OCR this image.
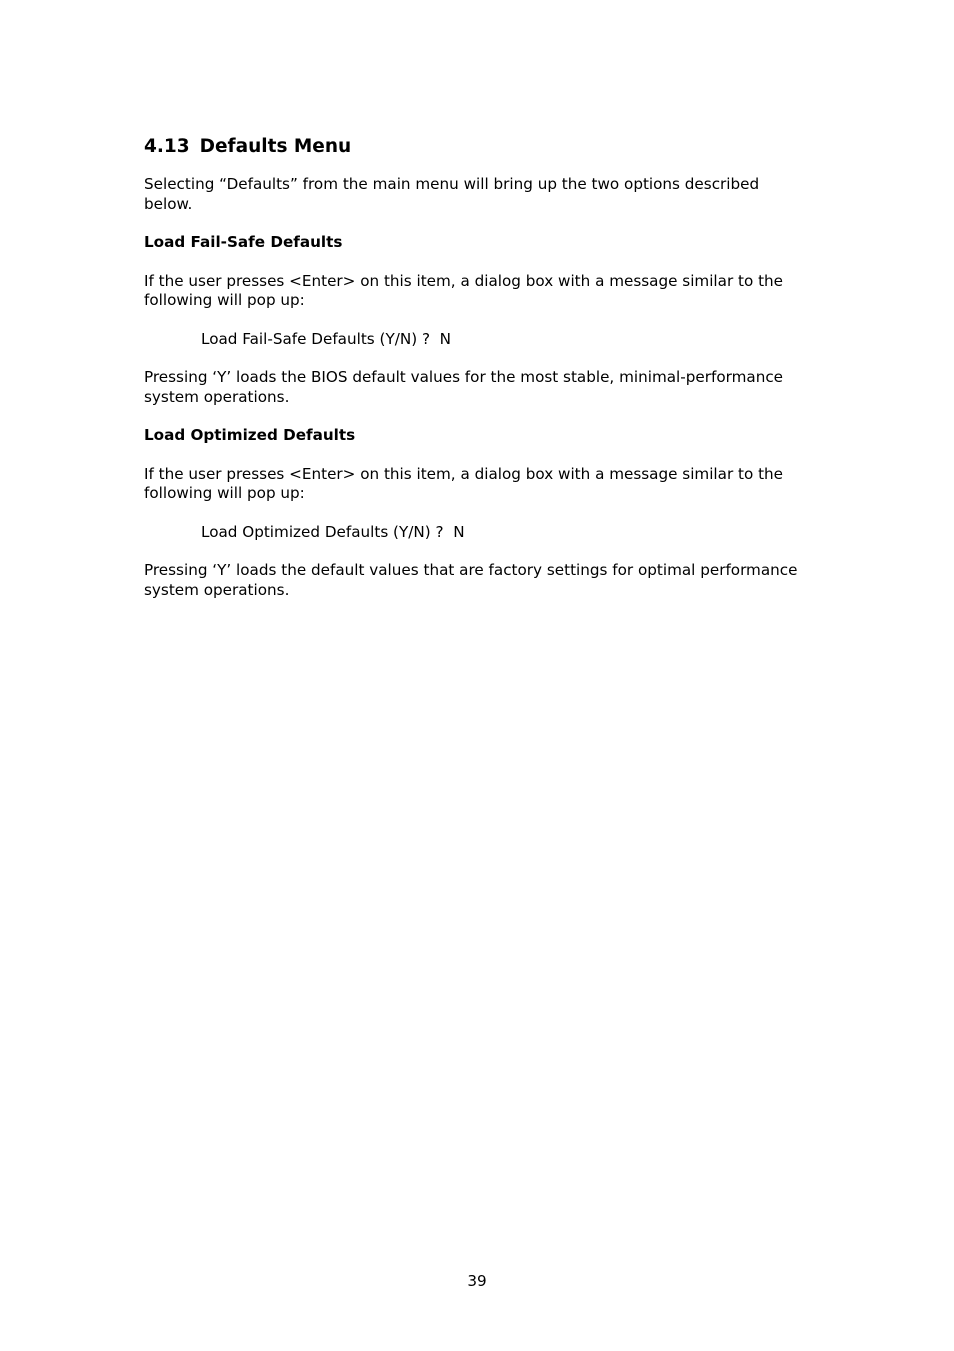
4.13 Defaults Menu

Selecting “Defaults” from the main menu will bring up the two options described below.

Load Fail-Safe Defaults

If the user presses <Enter> on this item, a dialog box with a message similar to the following will pop up:

Load Fail-Safe Defaults (Y/N) ?  N

Pressing ‘Y’ loads the BIOS default values for the most stable, minimal-performance system operations.

Load Optimized Defaults

If the user presses <Enter> on this item, a dialog box with a message similar to the following will pop up:

Load Optimized Defaults (Y/N) ?  N

Pressing ‘Y’ loads the default values that are factory settings for optimal performance system operations.

39
